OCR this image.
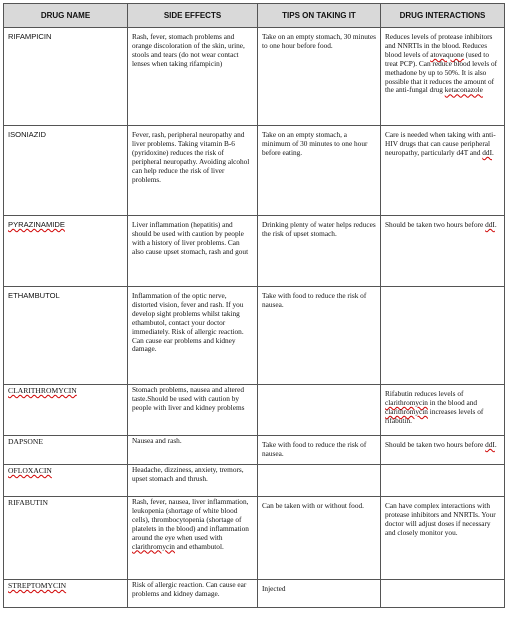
DRUG NAME	SIDE EFFECTS	TIPS ON TAKING IT	DRUG INTERACTIONS
RIFAMPICIN	Rash, fever, stomach problems and orange discoloration of the skin, urine, stools and tears (do not wear contact lenses when taking rifampicin)	Take on an empty stomach, 30 minutes to one hour before food.	Reduces levels of protease inhibitors and NNRTIs in the blood. Reduces blood levels of atovaquone (used to treat PCP). Can reduce blood levels of methadone by up to 50%. It is also possible that it reduces the amount of the anti-fungal drug ketaconazole
ISONIAZID	Fever, rash, peripheral neuropathy and liver problems. Taking vitamin B-6 (pyridoxine) reduces the risk of peripheral neuropathy. Avoiding alcohol can help reduce the risk of liver problems.	Take on an empty stomach, a minimum of 30 minutes to one hour before eating.	Care is needed when taking with anti-HIV drugs that can cause peripheral neuropathy, particularly d4T and ddI.
PYRAZINAMIDE	Liver inflammation (hepatitis) and should be used with caution by people with a history of liver problems. Can also cause upset stomach, rash and gout	Drinking plenty of water helps reduces the risk of upset stomach.	Should be taken two hours before ddI.
ETHAMBUTOL	Inflammation of the optic nerve, distorted vision, fever and rash. If you develop sight problems whilst taking ethambutol, contact your doctor immediately. Risk of allergic reaction. Can cause ear problems and kidney damage.	Take with food to reduce the risk of nausea.	
CLARITHROMYCIN	Stomach problems, nausea and altered taste.Should be used with caution by people with liver and kidney problems		Rifabutin reduces levels of clarithromycin in the blood and clarithromycin increases levels of rifabutin.
DAPSONE	Nausea and rash.	Take with food to reduce the risk of nausea.	Should be taken two hours before ddI.
OFLOXACIN	Headache, dizziness, anxiety, tremors, upset stomach and thrush.		
RIFABUTIN	Rash, fever, nausea, liver inflammation, leukopenia (shortage of white blood cells), thrombocytopenia (shortage of platelets in the blood) and inflammation around the eye when used with clarithromycin and ethambutol.	Can be taken with or without food.	Can have complex interactions with protease inhibitors and NNRTIs. Your doctor will adjust doses if necessary and closely monitor you.
STREPTOMYCIN	Risk of allergic reaction. Can cause ear problems and kidney damage.	Injected	
